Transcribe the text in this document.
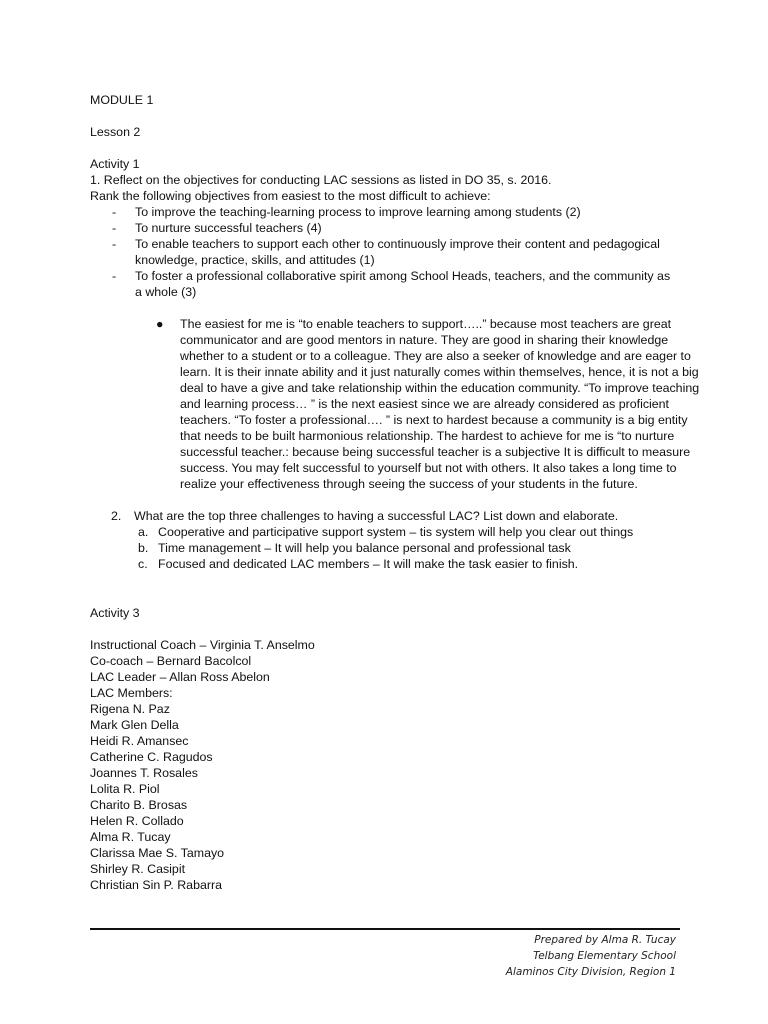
MODULE 1

Lesson 2

Activity 1

1. Reflect on the objectives for conducting LAC sessions as listed in DO 35, s. 2016.

Rank the following objectives from easiest to the most difficult to achieve:

- To improve the teaching-learning process to improve learning among students (2)
- To nurture successful teachers (4)
- To enable teachers to support each other to continuously improve their content and pedagogical knowledge, practice, skills, and attitudes (1)
- To foster a professional collaborative spirit among School Heads, teachers, and the community as a whole (3)
● The easiest for me is “to enable teachers to support…..” because most teachers are great communicator and are good mentors in nature. They are good in sharing their knowledge whether to a student or to a colleague. They are also a seeker of knowledge and are eager to learn. It is their innate ability and it just naturally comes within themselves, hence, it is not a big deal to have a give and take relationship within the education community. “To improve teaching and learning process… ” is the next easiest since we are already considered as proficient teachers. “To foster a professional…. ” is next to hardest because a community is a big entity that needs to be built harmonious relationship. The hardest to achieve for me is “to nurture successful teacher.: because being successful teacher is a subjective It is difficult to measure success. You may felt successful to yourself but not with others. It also takes a long time to realize your effectiveness through seeing the success of your students in the future.

2. What are the top three challenges to having a successful LAC? List down and elaborate.
a. Cooperative and participative support system – tis system will help you clear out things
b. Time management – It will help you balance personal and professional task
c. Focused and dedicated LAC members – It will make the task easier to finish.

Activity 3

Instructional Coach – Virginia T. Anselmo

Co-coach – Bernard Bacolcol

LAC Leader – Allan Ross Abelon

LAC Members:

Rigena N. Paz

Mark Glen Della

Heidi R. Amansec

Catherine C. Ragudos

Joannes T. Rosales

Lolita R. Piol

Charito B. Brosas

Helen R. Collado

Alma R. Tucay

Clarissa Mae S. Tamayo

Shirley R. Casipit

Christian Sin P. Rabarra

Prepared by Alma R. Tucay
Telbang Elementary School
Alaminos City Division, Region 1
